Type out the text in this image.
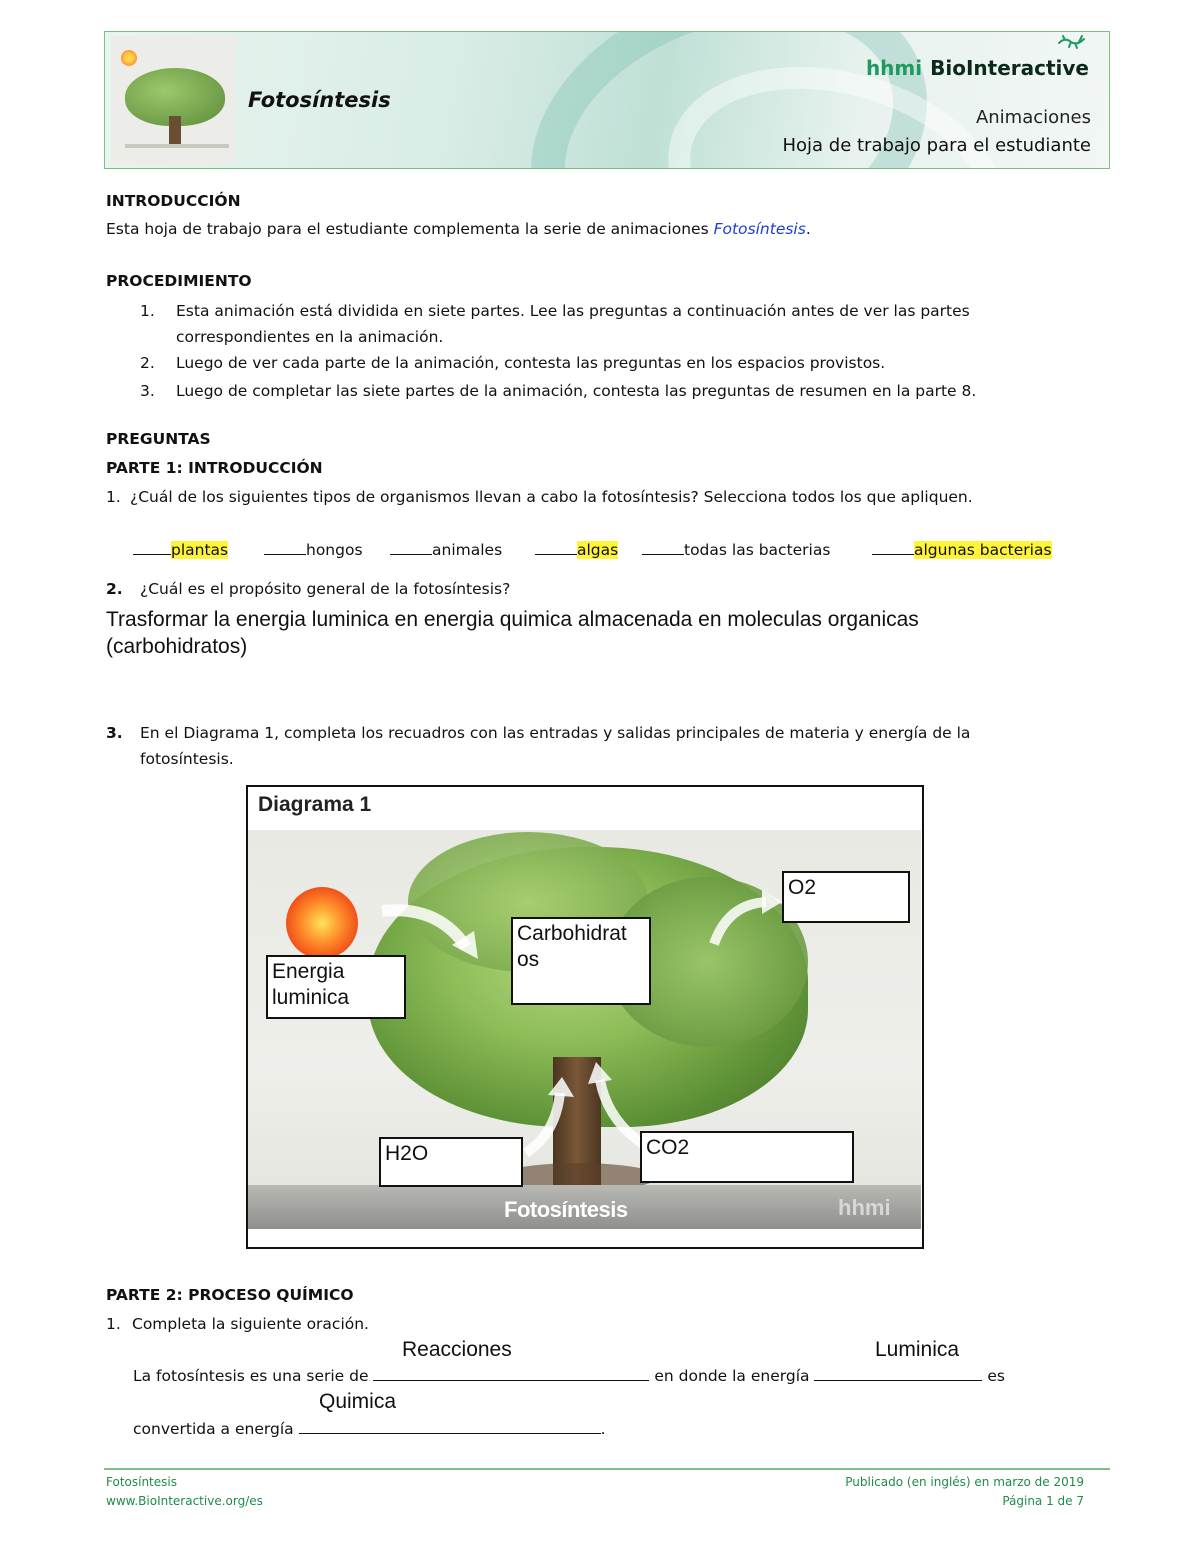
Fotosíntesis
hhmi BioInteractive
Animaciones
Hoja de trabajo para el estudiante
INTRODUCCIÓN
Esta hoja de trabajo para el estudiante complementa la serie de animaciones Fotosíntesis.
PROCEDIMIENTO
1. Esta animación está dividida en siete partes. Lee las preguntas a continuación antes de ver las partes
correspondientes en la animación.
2. Luego de ver cada parte de la animación, contesta las preguntas en los espacios provistos.
3. Luego de completar las siete partes de la animación, contesta las preguntas de resumen en la parte 8.
PREGUNTAS
PARTE 1: INTRODUCCIÓN
1. ¿Cuál de los siguientes tipos de organismos llevan a cabo la fotosíntesis? Selecciona todos los que apliquen.
plantas	hongos	animales	algas	todas las bacterias	algunas bacterias
2. ¿Cuál es el propósito general de la fotosíntesis?
Trasformar la energia luminica en energia quimica almacenada en moleculas organicas
(carbohidratos)
3. En el Diagrama 1, completa los recuadros con las entradas y salidas principales de materia y energía de la
fotosíntesis.
Diagrama 1
Fotosíntesis	hhmi
Energia
luminica
Carbohidrat
os
O2
H2O	CO2
PARTE 2: PROCESO QUÍMICO
1. Completa la siguiente oración.
Reacciones	Luminica
La fotosíntesis es una serie de	en donde la energía	es
Quimica
convertida a energía	.
Fotosíntesis
www.BioInteractive.org/es
Publicado (en inglés) en marzo de 2019
Página 1 de 7
